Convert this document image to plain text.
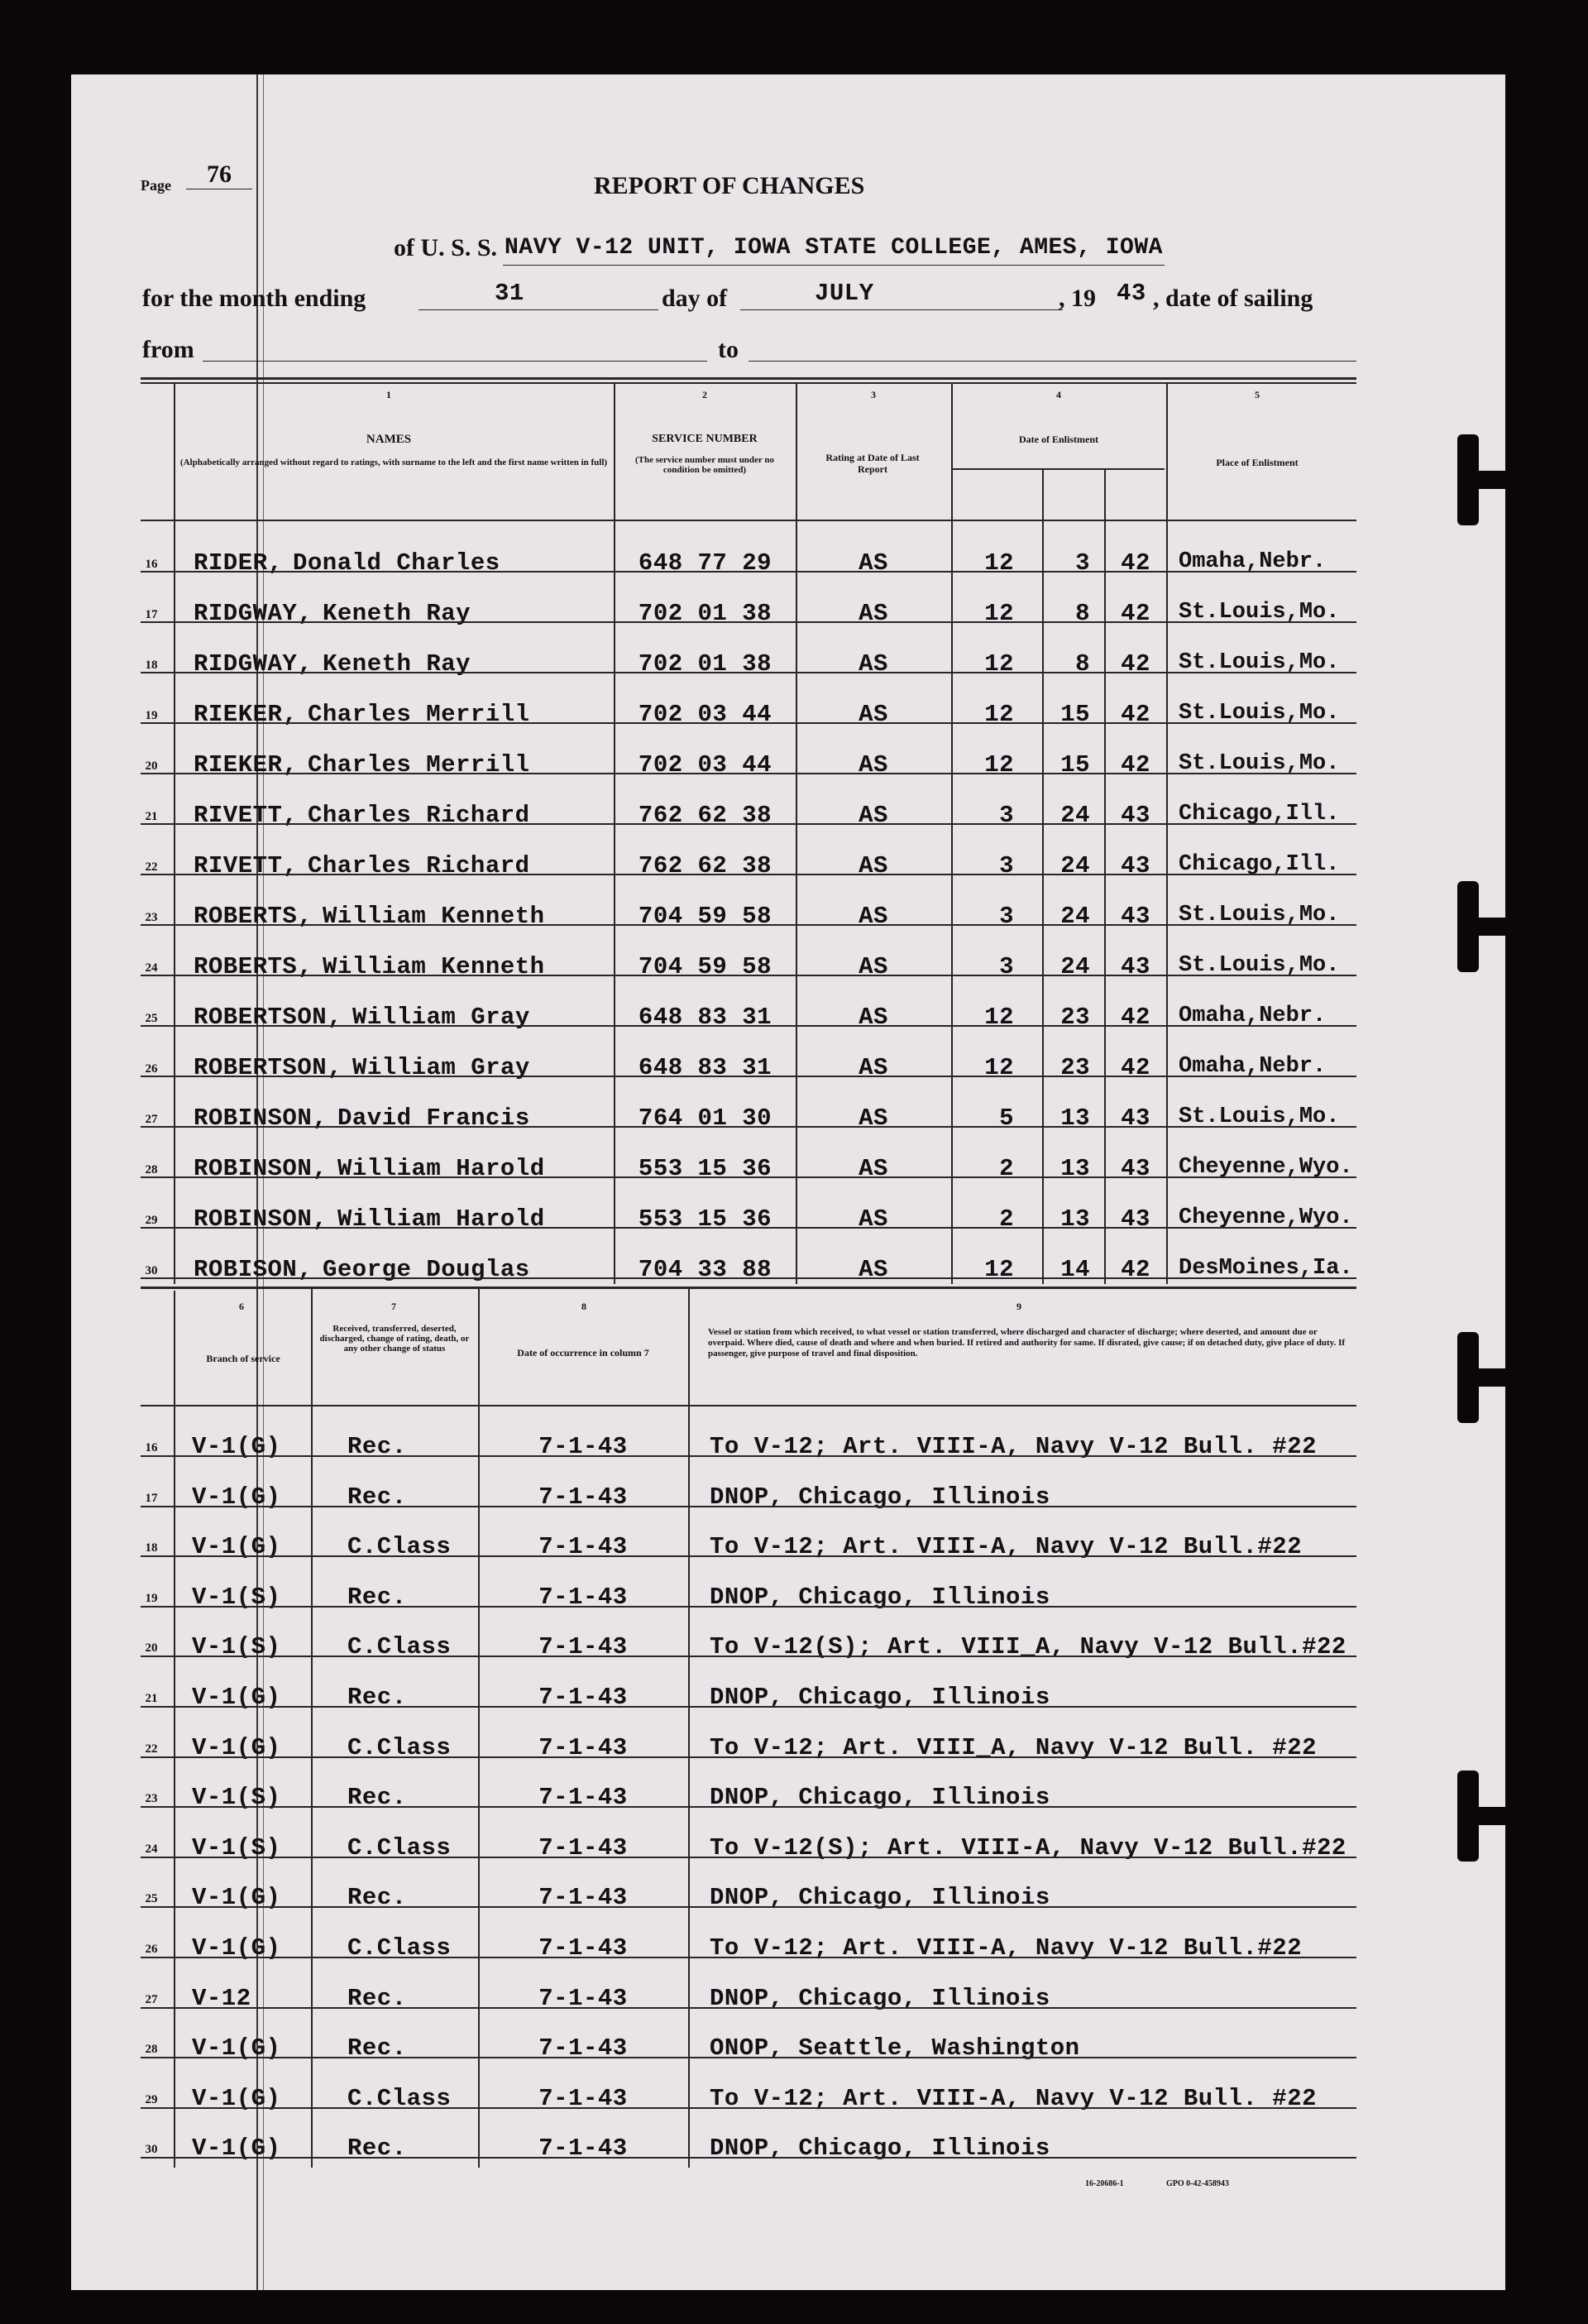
Page 76	REPORT OF CHANGES
of U. S. S. NAVY V-12 UNIT, IOWA STATE COLLEGE, AMES, IOWA
for the month ending	31	day of	JULY	, 19 43 , date of sailing
from	to
1
NAMES
(Alphabetically arranged without regard to ratings, with surname to the left and the first name written in full)
2
SERVICE NUMBER
(The service number must under no condition be omitted)
3
Rating at Date of Last Report
4
Date of Enlistment
5
Place of Enlistment
16 RIDER , Donald Charles	648 77 29	AS	12	3	42	Omaha,Nebr.
17 RIDGWAY , Keneth Ray	702 01 38	AS	12	8	42	St.Louis,Mo.
18 RIDGWAY , Keneth Ray	702 01 38	AS	12	8	42	St.Louis,Mo.
19 RIEKER , Charles Merrill	702 03 44	AS	12	15	42	St.Louis,Mo.
20 RIEKER , Charles Merrill	702 03 44	AS	12	15	42	St.Louis,Mo.
21 RIVETT , Charles Richard	762 62 38	AS	3	24	43	Chicago,Ill.
22 RIVETT , Charles Richard	762 62 38	AS	3	24	43	Chicago,Ill.
23 ROBERTS , William Kenneth	704 59 58	AS	3	24	43	St.Louis,Mo.
24 ROBERTS , William Kenneth	704 59 58	AS	3	24	43	St.Louis,Mo.
25 ROBERTSON , William Gray	648 83 31	AS	12	23	42	Omaha,Nebr.
26 ROBERTSON , William Gray	648 83 31	AS	12	23	42	Omaha,Nebr.
27 ROBINSON , David Francis	764 01 30	AS	5	13	43	St.Louis,Mo.
28 ROBINSON , William Harold	553 15 36	AS	2	13	43	Cheyenne,Wyo.
29 ROBINSON , William Harold	553 15 36	AS	2	13	43	Cheyenne,Wyo.
30 ROBISON , George Douglas	704 33 88	AS	12	14	42	DesMoines,Ia.
6
Branch of service
7
Received, transferred, deserted, discharged, change of rating, death, or any other change of status
8
Date of occurrence in column 7
9
Vessel or station from which received, to what vessel or station transferred, where discharged and character of discharge; where deserted, and amount due or overpaid. Where died, cause of death and where and when buried. If retired and authority for same. If disrated, give cause; if on detached duty, give place of duty. If passenger, give purpose of travel and final disposition.
16 V-1(G)	Rec.	7-1-43	To V-12; Art. VIII-A, Navy V-12 Bull. #22
17 V-1(G)	Rec.	7-1-43	DNOP, Chicago, Illinois
18 V-1(G)	C.Class	7-1-43	To V-12; Art. VIII-A, Navy V-12 Bull.#22
19 V-1(S)	Rec.	7-1-43	DNOP, Chicago, Illinois
20 V-1(S)	C.Class	7-1-43	To V-12(S); Art. VIII_A, Navy V-12 Bull.#22
21 V-1(G)	Rec.	7-1-43	DNOP, Chicago, Illinois
22 V-1(G)	C.Class	7-1-43	To V-12; Art. VIII_A, Navy V-12 Bull. #22
23 V-1(S)	Rec.	7-1-43	DNOP, Chicago, Illinois
24 V-1(S)	C.Class	7-1-43	To V-12(S); Art. VIII-A, Navy V-12 Bull.#22
25 V-1(G)	Rec.	7-1-43	DNOP, Chicago, Illinois
26 V-1(G)	C.Class	7-1-43	To V-12; Art. VIII-A, Navy V-12 Bull.#22
27 V-12	Rec.	7-1-43	DNOP, Chicago, Illinois
28 V-1(G)	Rec.	7-1-43	ONOP, Seattle, Washington
29 V-1(G)	C.Class	7-1-43	To V-12; Art. VIII-A, Navy V-12 Bull. #22
30 V-1(G)	Rec.	7-1-43	DNOP, Chicago, Illinois
16-20686-1	GPO 0-42-458943
